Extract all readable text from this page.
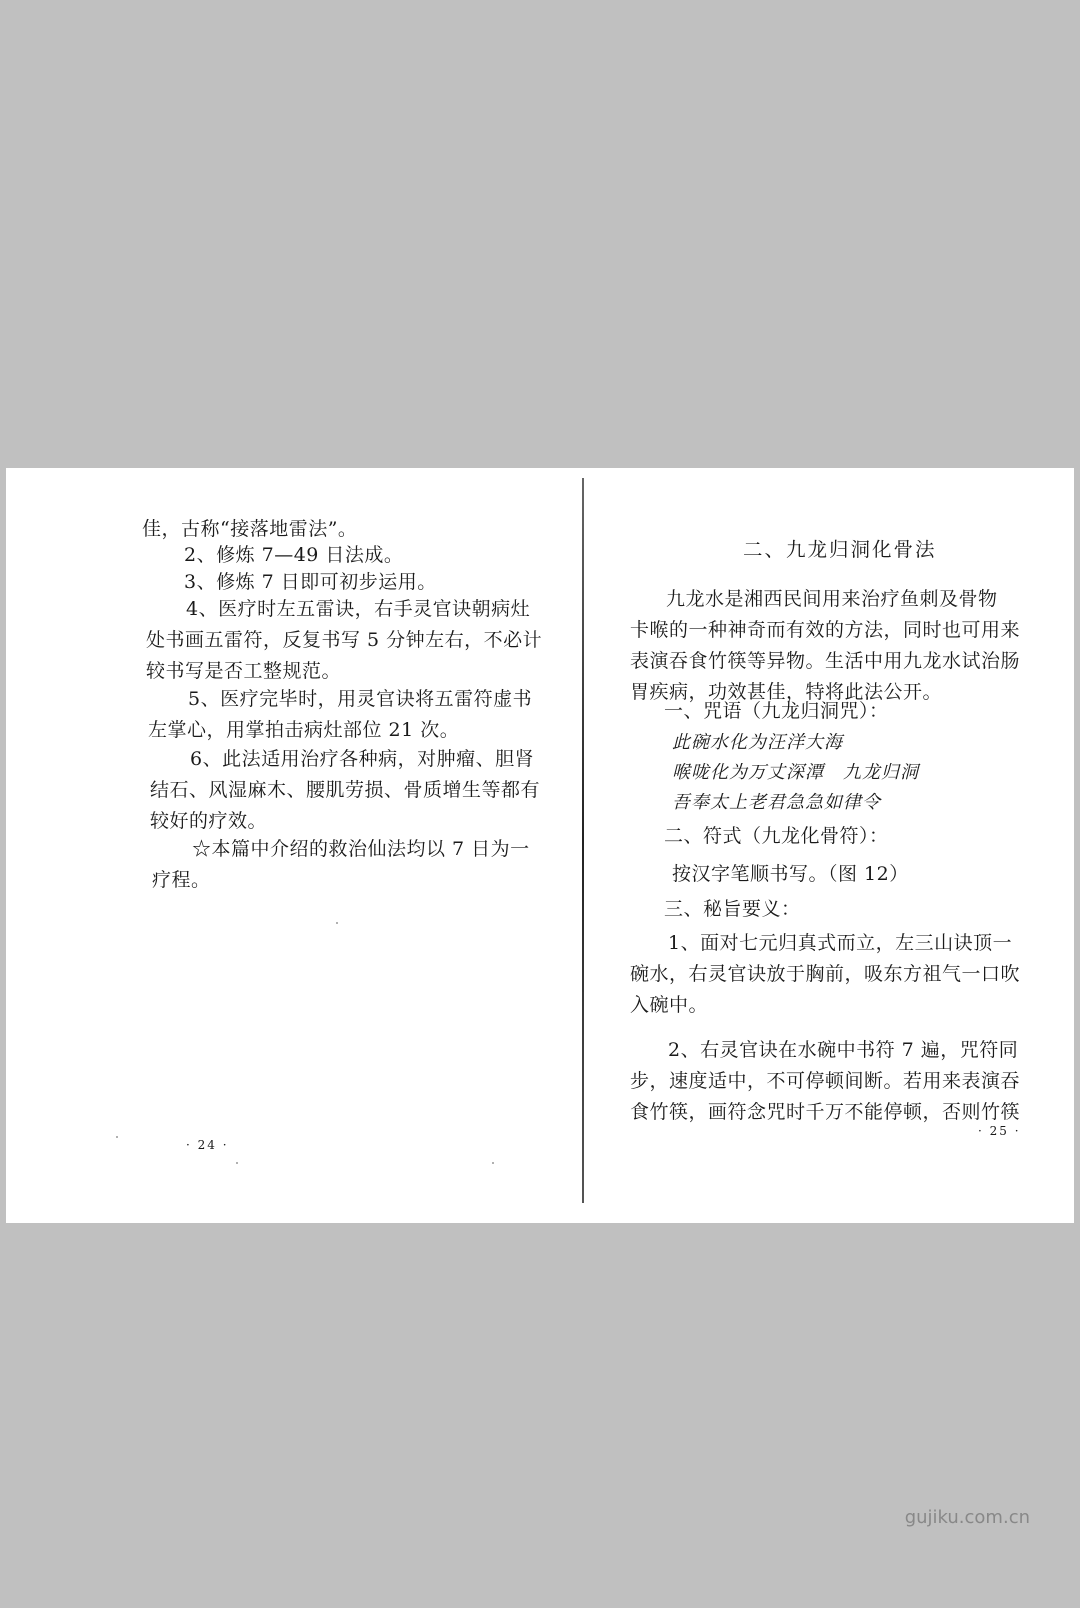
佳，古称“接落地雷法”。

2、修炼 7—49 日法成。

3、修炼 7 日即可初步运用。

4、医疗时左五雷诀，右手灵官诀朝病灶
处书画五雷符，反复书写 5 分钟左右，不必计
较书写是否工整规范。
5、医疗完毕时，用灵官诀将五雷符虚书
左掌心，用掌拍击病灶部位 21 次。
6、此法适用治疗各种病，对肿瘤、胆肾
结石、风湿麻木、腰肌劳损、骨质增生等都有
较好的疗效。
☆本篇中介绍的救治仙法均以 7 日为一
疗程。
· 24 ·
二、九龙归洞化骨法
九龙水是湘西民间用来治疗鱼刺及骨物
卡喉的一种神奇而有效的方法，同时也可用来
表演吞食竹筷等异物。生活中用九龙水试治肠
胃疾病，功效甚佳，特将此法公开。
一、咒语（九龙归洞咒）：
此碗水化为汪洋大海
喉咙化为万丈深潭　九龙归洞
吾奉太上老君急急如律令
二、符式（九龙化骨符）：
按汉字笔顺书写。（图 12）
三、秘旨要义：
1、面对七元归真式而立，左三山诀顶一
碗水，右灵官诀放于胸前，吸东方祖气一口吹
入碗中。
2、右灵官诀在水碗中书符 7 遍，咒符同
步，速度适中，不可停顿间断。若用来表演吞
食竹筷，画符念咒时千万不能停顿，否则竹筷
· 25 ·
gujiku.com.cn
